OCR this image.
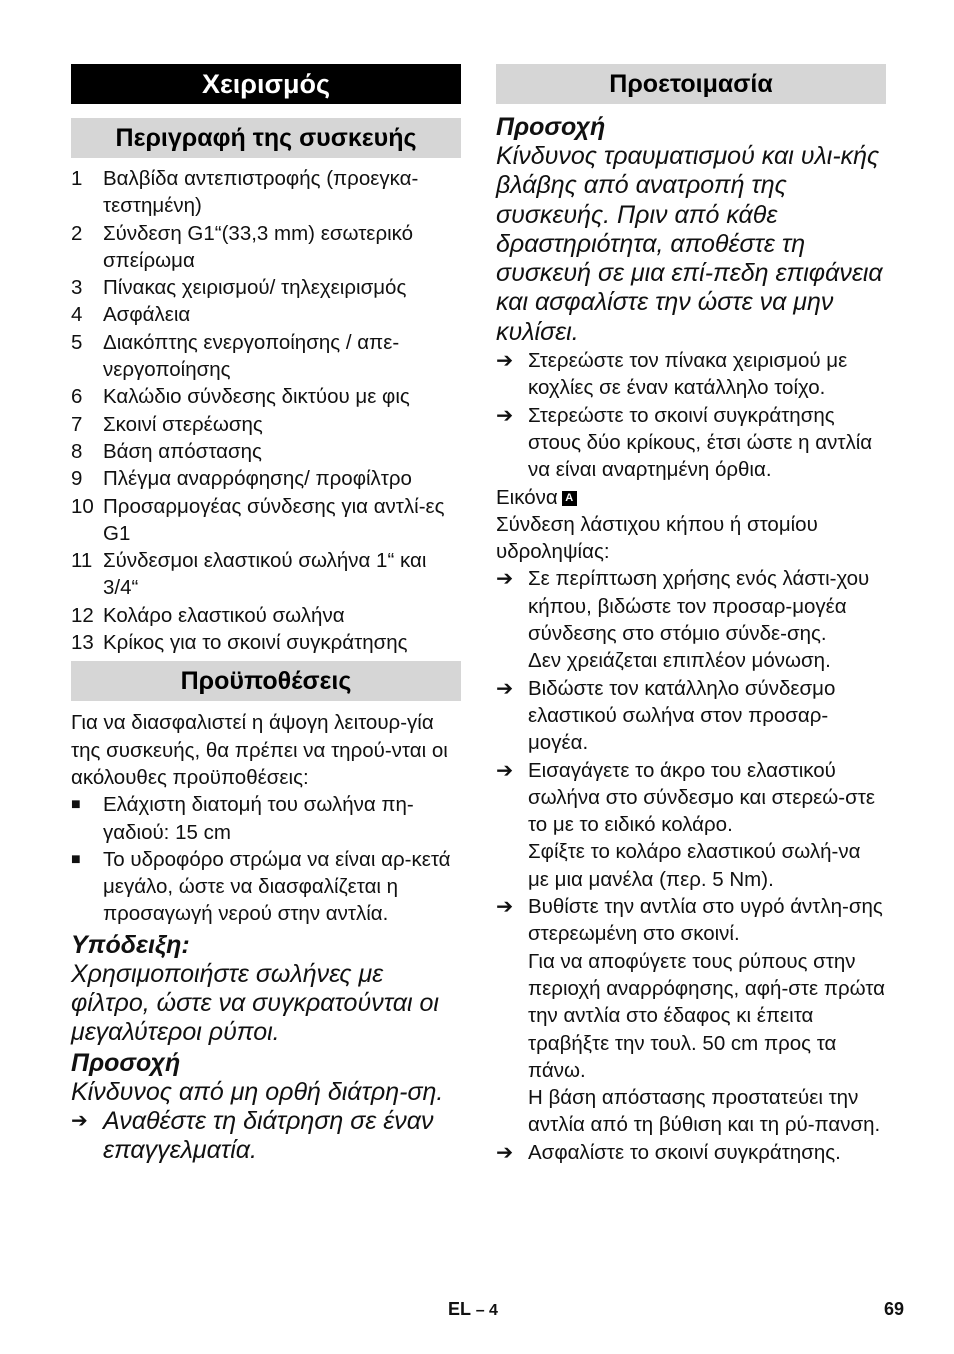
Χειρισμός
Περιγραφή της συσκευής
1	Βαλβίδα αντεπιστροφής (προεγκα-τεστημένη)
2	Σύνδεση G1“(33,3 mm) εσωτερικό σπείρωμα
3	Πίνακας χειρισμού/ τηλεχειρισμός
4	Ασφάλεια
5	Διακόπτης ενεργοποίησης / απε-νεργοποίησης
6	Καλώδιο σύνδεσης δικτύου με φις
7	Σκοινί στερέωσης
8	Βάση απόστασης
9	Πλέγμα αναρρόφησης/ προφίλτρο
10 Προσαρμογέας σύνδεσης για αντλί-ες G1
11 Σύνδεσμοι ελαστικού σωλήνα 1“ και 3/4“
12 Κολάρο ελαστικού σωλήνα
13 Κρίκος για το σκοινί συγκράτησης
Προϋποθέσεις

Για να διασφαλιστεί η άψογη λειτουρ-γία της συσκευής, θα πρέπει να τηρού-νται οι ακόλουθες προϋποθέσεις:

■	Ελάχιστη διατομή του σωλήνα πη-γαδιού: 15 cm
■	Το υδροφόρο στρώμα να είναι αρ-κετά μεγάλο, ώστε να διασφαλίζεται η προσαγωγή νερού στην αντλία.
Υπόδειξη:
Χρησιμοποιήστε σωλήνες με φίλτρο, ώστε να συγκρατούνται οι μεγαλύτεροι ρύποι.
Προσοχή
Κίνδυνος από μη ορθή διάτρη-ση.
➔ Αναθέστε τη διάτρηση σε έναν επαγγελματία.
Προετοιμασία
Προσοχή
Κίνδυνος τραυματισμού και υλι-κής βλάβης από ανατροπή της συσκευής. Πριν από κάθε δραστηριότητα, αποθέστε τη συσκευή σε μια επί-πεδη επιφάνεια και ασφαλίστε την ώστε να μην κυλίσει.
➔ Στερεώστε τον πίνακα χειρισμού με κοχλίες σε έναν κατάλληλο τοίχο.
➔ Στερεώστε το σκοινί συγκράτησης στους δύο κρίκους, έτσι ώστε η αντλία να είναι αναρτημένη όρθια.

Εικόνα A

Σύνδεση λάστιχου κήπου ή στομίου υδροληψίας:

➔ Σε περίπτωση χρήσης ενός λάστι-χου κήπου, βιδώστε τον προσαρ-μογέα σύνδεσης στο στόμιο σύνδε-σης.
Δεν χρειάζεται επιπλέον μόνωση.
➔ Βιδώστε τον κατάλληλο σύνδεσμο ελαστικού σωλήνα στον προσαρ-μογέα.
➔ Εισαγάγετε το άκρο του ελαστικού σωλήνα στο σύνδεσμο και στερεώ-στε το με το ειδικό κολάρο.
Σφίξτε το κολάρο ελαστικού σωλή-να με μια μανέλα (περ. 5 Nm).
➔ Βυθίστε την αντλία στο υγρό άντλη-σης στερεωμένη στο σκοινί.
Για να αποφύγετε τους ρύπους στην περιοχή αναρρόφησης, αφή-στε πρώτα την αντλία στο έδαφος κι έπειτα τραβήξτε την τουλ. 50 cm προς τα πάνω.
Η βάση απόστασης προστατεύει την αντλία από τη βύθιση και τη ρύ-πανση.
➔ Ασφαλίστε το σκοινί συγκράτησης.
EL – 4	69
